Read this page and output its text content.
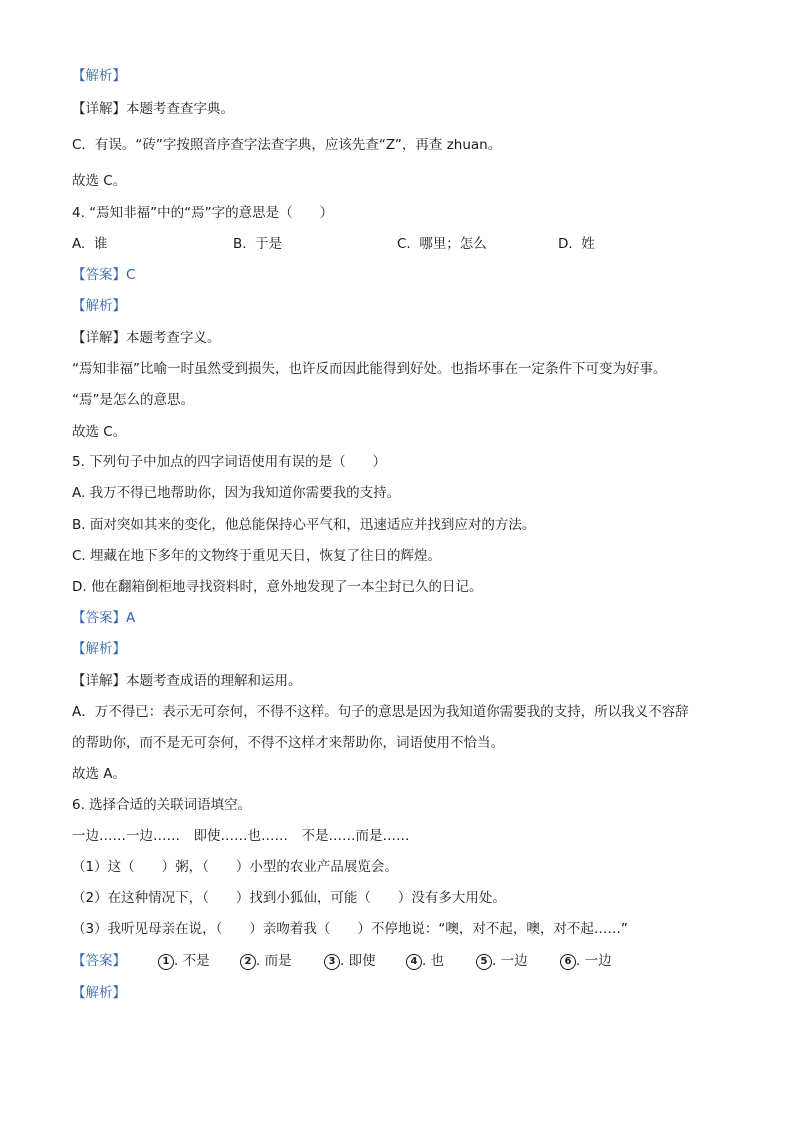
【解析】
【详解】本题考查查字典。
C．有误。“砖”字按照音序查字法查字典，应该先查“Z”，再查 zhuan。
故选 C。
4. “焉知非福”中的“焉”字的意思是（　　）
A. 谁	B. 于是	C. 哪里；怎么	D. 姓
【答案】C
【解析】
【详解】本题考查字义。
“焉知非福”比喻一时虽然受到损失，也许反而因此能得到好处。也指坏事在一定条件下可变为好事。
“焉”是怎么的意思。
故选 C。
5. 下列句子中加点的四字词语使用有误的是（　　）
A. 我万不得已地帮助你，因为我知道你需要我的支持。
B. 面对突如其来的变化，他总能保持心平气和，迅速适应并找到应对的方法。
C. 埋藏在地下多年的文物终于重见天日，恢复了往日的辉煌。
D. 他在翻箱倒柜地寻找资料时，意外地发现了一本尘封已久的日记。
【答案】A
【解析】
【详解】本题考查成语的理解和运用。
A．万不得已：表示无可奈何，不得不这样。句子的意思是因为我知道你需要我的支持，所以我义不容辞
的帮助你，而不是无可奈何，不得不这样才来帮助你，词语使用不恰当。
故选 A。
6. 选择合适的关联词语填空。
一边……一边……　即使……也……　不是……而是……
（1）这（　　）粥，（　　）小型的农业产品展览会。
（2）在这种情况下，（　　）找到小狐仙，可能（　　）没有多大用处。
（3）我听见母亲在说，（　　）亲吻着我（　　）不停地说：“噢，对不起，噢，对不起……”
【答案】	1 . 不是	2 . 而是	3 . 即使	4 . 也	5 . 一边	6 . 一边
【解析】
